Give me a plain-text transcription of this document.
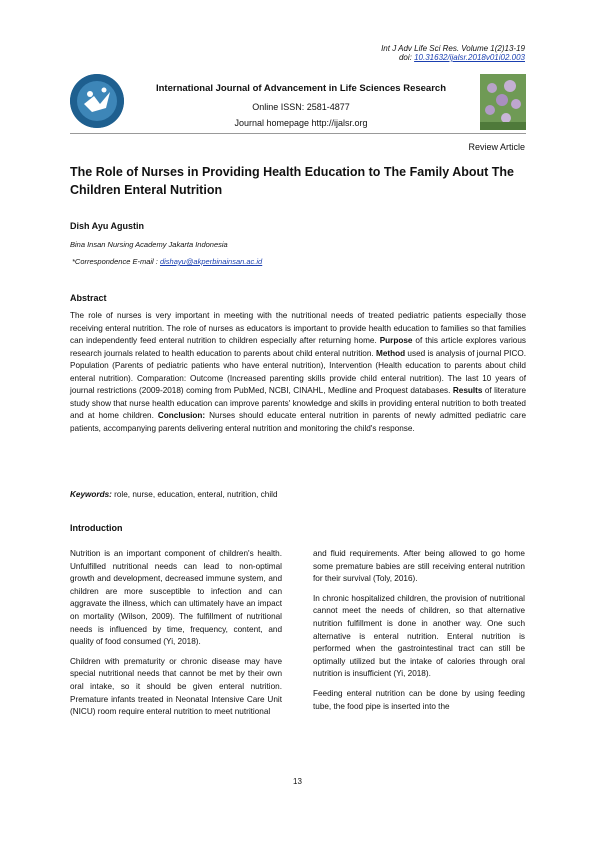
Int J Adv Life Sci Res. Volume 1(2)13-19
doi: 10.31632/ijalsr.2018v01i02.003
International Journal of Advancement in Life Sciences Research
Online ISSN: 2581-4877
Journal homepage http://ijalsr.org
Review Article
The Role of Nurses in Providing Health Education to The Family About The Children Enteral Nutrition
Dish Ayu Agustin
Bina Insan Nursing Academy Jakarta Indonesia
*Correspondence E-mail : dishayu@akperbinainsan.ac.id
Abstract
The role of nurses is very important in meeting with the nutritional needs of treated pediatric patients especially those receiving enteral nutrition. The role of nurses as educators is important to provide health education to families so that families can independently feed enteral nutrition to children especially after returning home. Purpose of this article explores various research journals related to health education to parents about child enteral nutrition. Method used is analysis of journal PICO. Population (Parents of pediatric patients who have enteral nutrition), Intervention (Health education to parents about child enteral nutrition). Comparation: Outcome (Increased parenting skills provide child enteral nutrition). The last 10 years of journal restrictions (2009-2018) coming from PubMed, NCBI, CINAHL, Medline and Proquest databases. Results of literature study show that nurse health education can improve parents' knowledge and skills in providing enteral nutrition to both treated and at home children. Conclusion: Nurses should educate enteral nutrition in parents of newly admitted pediatric care patients, accompanying parents delivering enteral nutrition and monitoring the child's response.
Keywords: role, nurse, education, enteral, nutrition, child
Introduction

Nutrition is an important component of children's health. Unfulfilled nutritional needs can lead to non-optimal growth and development, decreased immune system, and children are more susceptible to infection and can aggravate the illness, which can ultimately have an impact on mortality (Wilson, 2009). The fulfillment of nutritional needs is influenced by time, frequency, content, and quality of food consumed (Yi, 2018).

Children with prematurity or chronic disease may have special nutritional needs that cannot be met by their own oral intake, so it should be given enteral nutrition. Premature infants treated in Neonatal Intensive Care Unit (NICU) room require enteral nutrition to meet nutritional

and fluid requirements. After being allowed to go home some premature babies are still receiving enteral nutrition for their survival (Toly, 2016).

In chronic hospitalized children, the provision of nutritional cannot meet the needs of children, so that alternative nutrition fulfillment is done in another way. One such alternative is enteral nutrition. Enteral nutrition is performed when the gastrointestinal tract can still be optimally utilized but the intake of calories through oral nutrition is insufficient (Yi, 2018).

Feeding enteral nutrition can be done by using feeding tube, the food pipe is inserted into the

13
